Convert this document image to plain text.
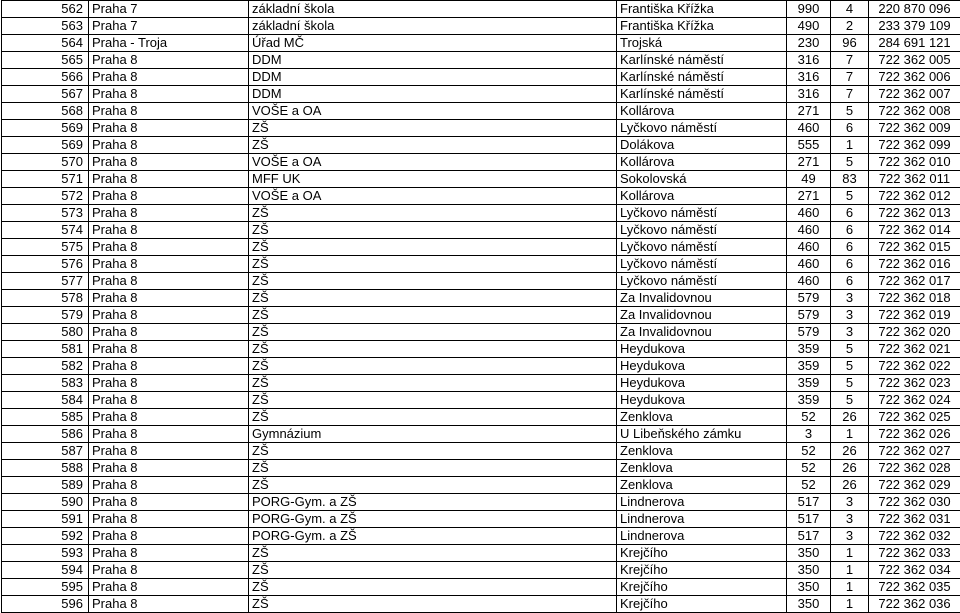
562	Praha 7	základní škola	Františka Křížka	990	4	220 870 096
563	Praha 7	základní škola	Františka Křížka	490	2	233 379 109
564	Praha - Troja	Úřad MČ	Trojská	230	96	284 691 121
565	Praha 8	DDM	Karlínské náměstí	316	7	722 362 005
566	Praha 8	DDM	Karlínské náměstí	316	7	722 362 006
567	Praha 8	DDM	Karlínské náměstí	316	7	722 362 007
568	Praha 8	VOŠE a OA	Kollárova	271	5	722 362 008
569	Praha 8	ZŠ	Lyčkovo náměstí	460	6	722 362 009
569	Praha 8	ZŠ	Dolákova	555	1	722 362 099
570	Praha 8	VOŠE a OA	Kollárova	271	5	722 362 010
571	Praha 8	MFF UK	Sokolovská	49	83	722 362 011
572	Praha 8	VOŠE a OA	Kollárova	271	5	722 362 012
573	Praha 8	ZŠ	Lyčkovo náměstí	460	6	722 362 013
574	Praha 8	ZŠ	Lyčkovo náměstí	460	6	722 362 014
575	Praha 8	ZŠ	Lyčkovo náměstí	460	6	722 362 015
576	Praha 8	ZŠ	Lyčkovo náměstí	460	6	722 362 016
577	Praha 8	ZŠ	Lyčkovo náměstí	460	6	722 362 017
578	Praha 8	ZŠ	Za Invalidovnou	579	3	722 362 018
579	Praha 8	ZŠ	Za Invalidovnou	579	3	722 362 019
580	Praha 8	ZŠ	Za Invalidovnou	579	3	722 362 020
581	Praha 8	ZŠ	Heydukova	359	5	722 362 021
582	Praha 8	ZŠ	Heydukova	359	5	722 362 022
583	Praha 8	ZŠ	Heydukova	359	5	722 362 023
584	Praha 8	ZŠ	Heydukova	359	5	722 362 024
585	Praha 8	ZŠ	Zenklova	52	26	722 362 025
586	Praha 8	Gymnázium	U Libeňského zámku	3	1	722 362 026
587	Praha 8	ZŠ	Zenklova	52	26	722 362 027
588	Praha 8	ZŠ	Zenklova	52	26	722 362 028
589	Praha 8	ZŠ	Zenklova	52	26	722 362 029
590	Praha 8	PORG-Gym. a ZŠ	Lindnerova	517	3	722 362 030
591	Praha 8	PORG-Gym. a ZŠ	Lindnerova	517	3	722 362 031
592	Praha 8	PORG-Gym. a ZŠ	Lindnerova	517	3	722 362 032
593	Praha 8	ZŠ	Krejčího	350	1	722 362 033
594	Praha 8	ZŠ	Krejčího	350	1	722 362 034
595	Praha 8	ZŠ	Krejčího	350	1	722 362 035
596	Praha 8	ZŠ	Krejčího	350	1	722 362 036
